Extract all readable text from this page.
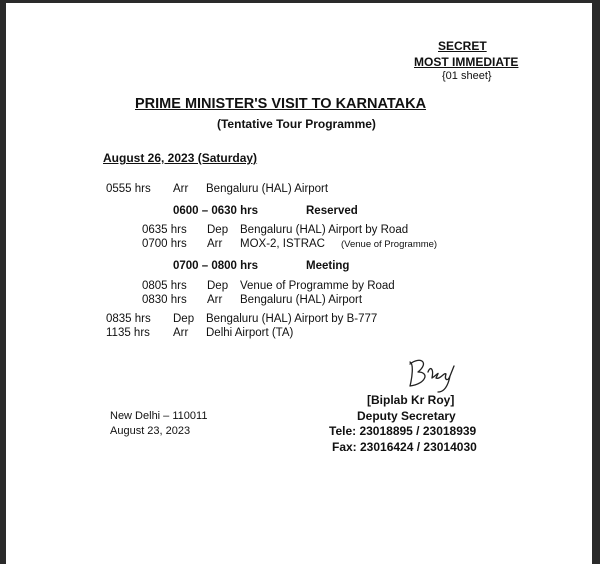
SECRET
MOST IMMEDIATE
{01 sheet}
PRIME MINISTER'S VISIT TO KARNATAKA
(Tentative Tour Programme)
August 26, 2023 (Saturday)
0555 hrs Arr Bengaluru (HAL) Airport
0600 – 0630 hrs	Reserved
0635 hrs Dep Bengaluru (HAL) Airport by Road
0700 hrs Arr MOX-2, ISTRAC (Venue of Programme)
0700 – 0800 hrs	Meeting
0805 hrs Dep Venue of Programme by Road
0830 hrs Arr Bengaluru (HAL) Airport
0835 hrs Dep Bengaluru (HAL) Airport by B-777
1135 hrs Arr Delhi Airport (TA)
[Biplab Kr Roy]
Deputy Secretary
Tele: 23018895 / 23018939
Fax: 23016424 / 23014030
New Delhi – 110011
August 23, 2023
